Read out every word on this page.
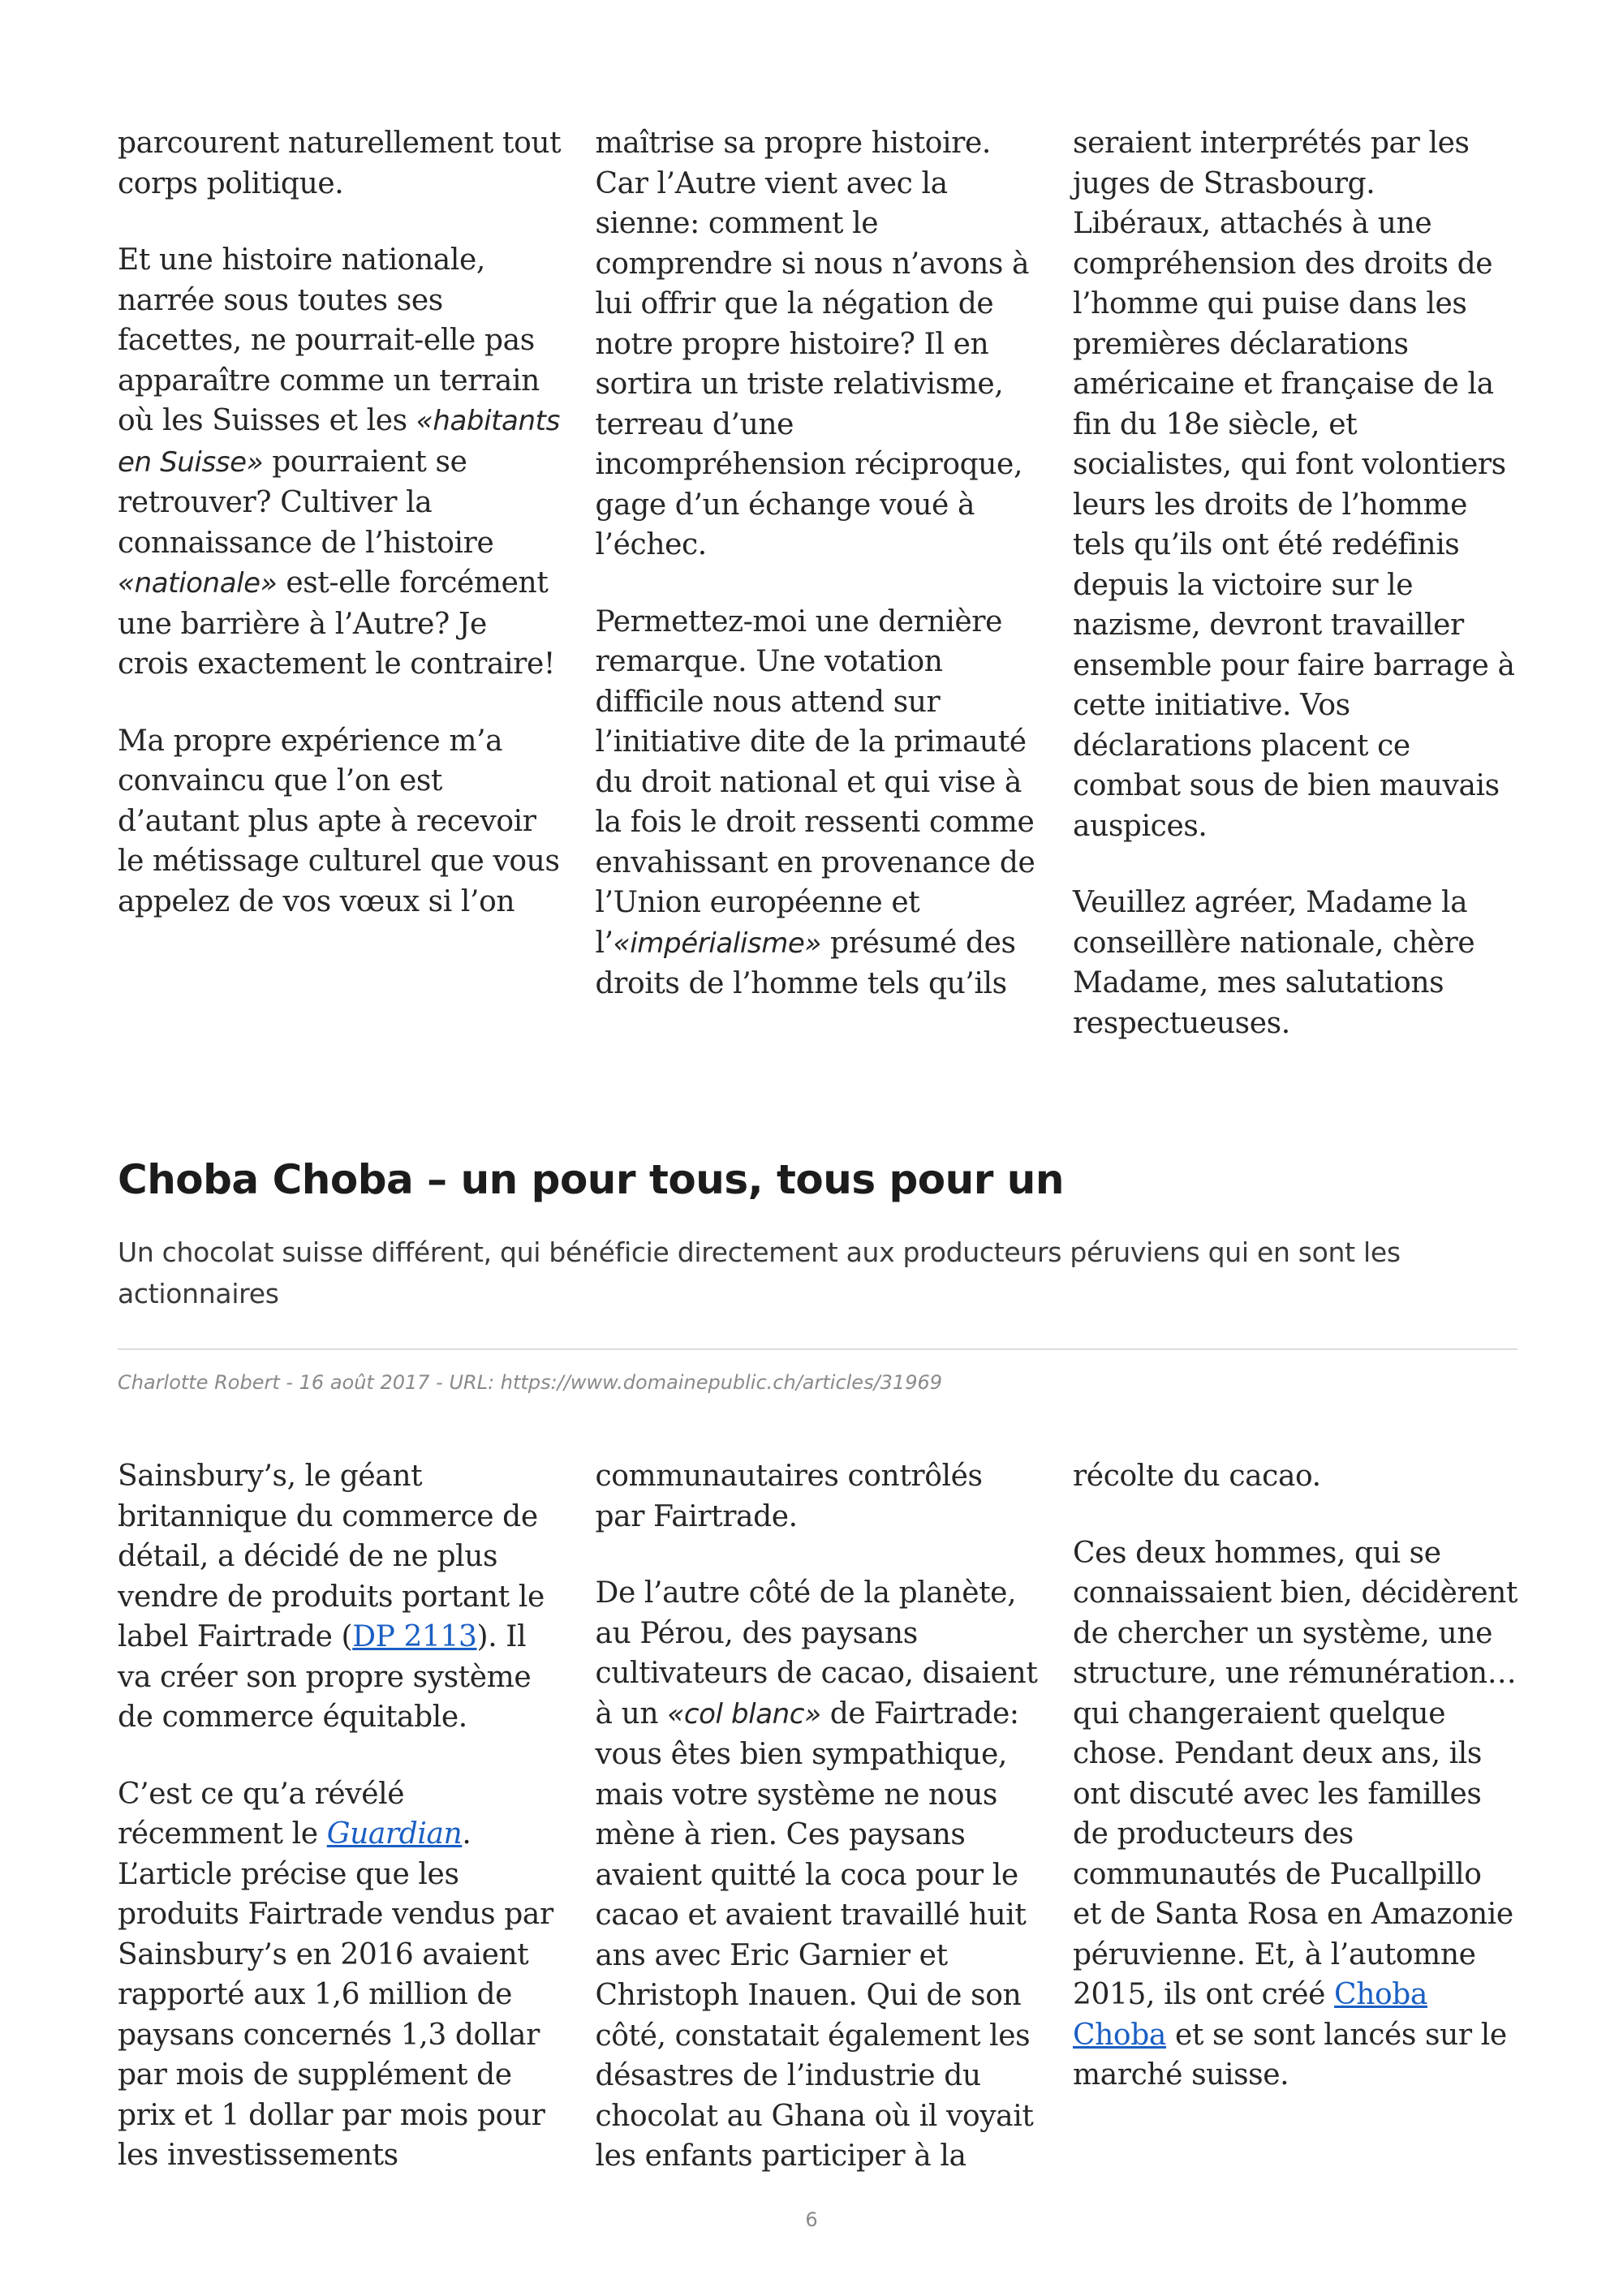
parcourent naturellement tout corps politique.

Et une histoire nationale, narrée sous toutes ses facettes, ne pourrait-elle pas apparaître comme un terrain où les Suisses et les «habitants en Suisse» pourraient se retrouver? Cultiver la connaissance de l’histoire «nationale» est-elle forcément une barrière à l’Autre? Je crois exactement le contraire!

Ma propre expérience m’a convaincu que l’on est d’autant plus apte à recevoir le métissage culturel que vous appelez de vos vœux si l’on

maîtrise sa propre histoire. Car l’Autre vient avec la sienne: comment le comprendre si nous n’avons à lui offrir que la négation de notre propre histoire? Il en sortira un triste relativisme, terreau d’une incompréhension réciproque, gage d’un échange voué à l’échec.

Permettez-moi une dernière remarque. Une votation difficile nous attend sur l’initiative dite de la primauté du droit national et qui vise à la fois le droit ressenti comme envahissant en provenance de l’Union européenne et l’«impérialisme» présumé des droits de l’homme tels qu’ils

seraient interprétés par les juges de Strasbourg. Libéraux, attachés à une compréhension des droits de l’homme qui puise dans les premières déclarations américaine et française de la fin du 18e siècle, et socialistes, qui font volontiers leurs les droits de l’homme tels qu’ils ont été redéfinis depuis la victoire sur le nazisme, devront travailler ensemble pour faire barrage à cette initiative. Vos déclarations placent ce combat sous de bien mauvais auspices.

Veuillez agréer, Madame la conseillère nationale, chère Madame, mes salutations respectueuses.

Choba Choba – un pour tous, tous pour un

Un chocolat suisse différent, qui bénéficie directement aux producteurs péruviens qui en sont les actionnaires

Charlotte Robert - 16 août 2017 - URL: https://www.domainepublic.ch/articles/31969

Sainsbury’s, le géant britannique du commerce de détail, a décidé de ne plus vendre de produits portant le label Fairtrade (DP 2113). Il va créer son propre système de commerce équitable.

C’est ce qu’a révélé récemment le Guardian. L’article précise que les produits Fairtrade vendus par Sainsbury’s en 2016 avaient rapporté aux 1,6 million de paysans concernés 1,3 dollar par mois de supplément de prix et 1 dollar par mois pour les investissements

communautaires contrôlés par Fairtrade.

De l’autre côté de la planète, au Pérou, des paysans cultivateurs de cacao, disaient à un «col blanc» de Fairtrade: vous êtes bien sympathique, mais votre système ne nous mène à rien. Ces paysans avaient quitté la coca pour le cacao et avaient travaillé huit ans avec Eric Garnier et Christoph Inauen. Qui de son côté, constatait également les désastres de l’industrie du chocolat au Ghana où il voyait les enfants participer à la

récolte du cacao.

Ces deux hommes, qui se connaissaient bien, décidèrent de chercher un système, une structure, une rémunération… qui changeraient quelque chose. Pendant deux ans, ils ont discuté avec les familles de producteurs des communautés de Pucallpillo et de Santa Rosa en Amazonie péruvienne. Et, à l’automne 2015, ils ont créé Choba Choba et se sont lancés sur le marché suisse.

6
